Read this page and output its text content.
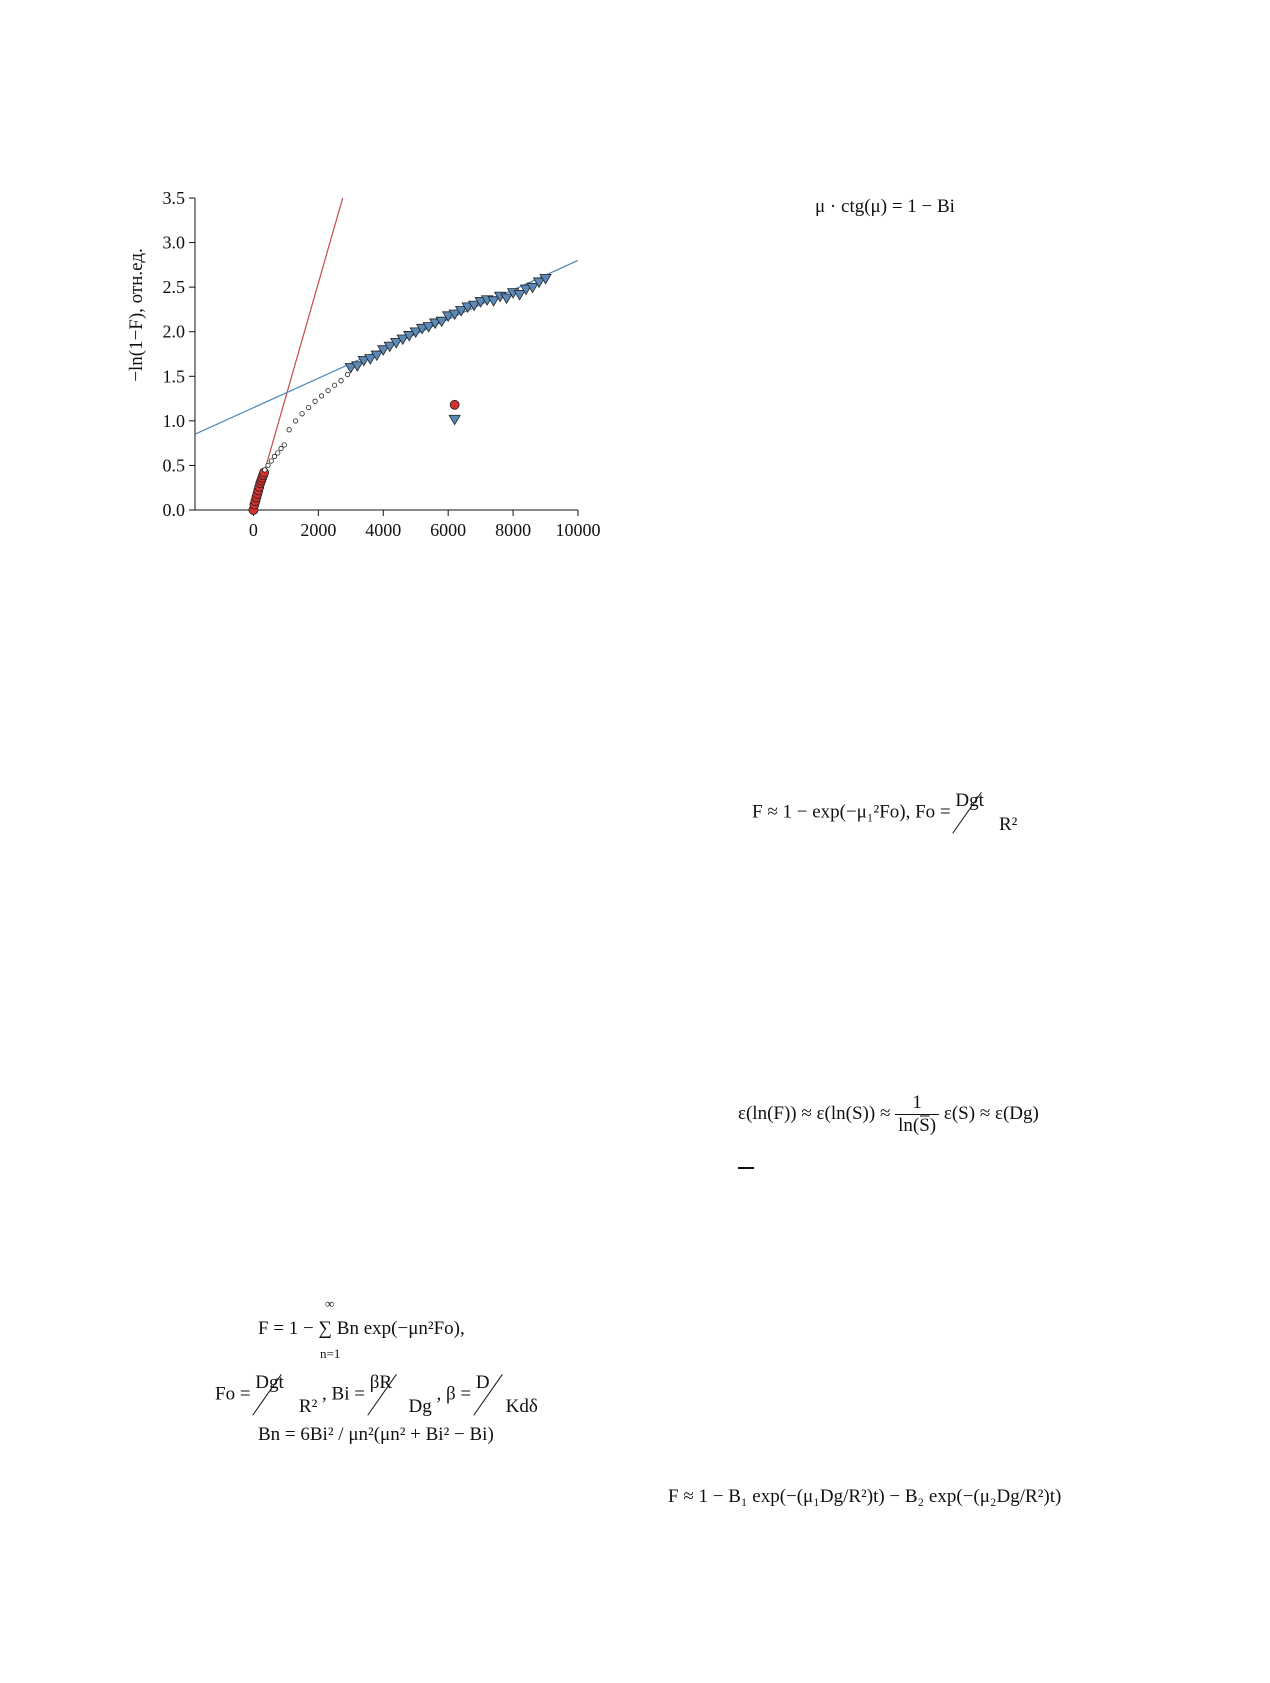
0.0
0.5
1.0
1.5
2.0
2.5
3.0
3.5
0 2000 4000 6000 8000 10000
−ln(1−F), отн.ед.
μ · ctg(μ) = 1 − Bi
F ≈ 1 − exp(−μ₁²Fo), Fo =
Dgt
R²
$\varepsilon(\ln(F)) \approx \varepsilon(\ln(S)) \approx \frac{1}{\ln(S̅)} \varepsilon(S) \approx \varepsilon(Dg)$
F = 1 − ∑ Bn exp(−μn²Fo),
∞
n=1
Fo =
Dgt
R²
, Bi =
βR
Dg
, β =
D
Kdδ
Bn = 6Bi² / μn²(μn² + Bi² − Bi)
F ≈ 1 − B₁ exp(−(μ₁Dg/R²)t) − B₂ exp(−(μ₂Dg/R²)t)
